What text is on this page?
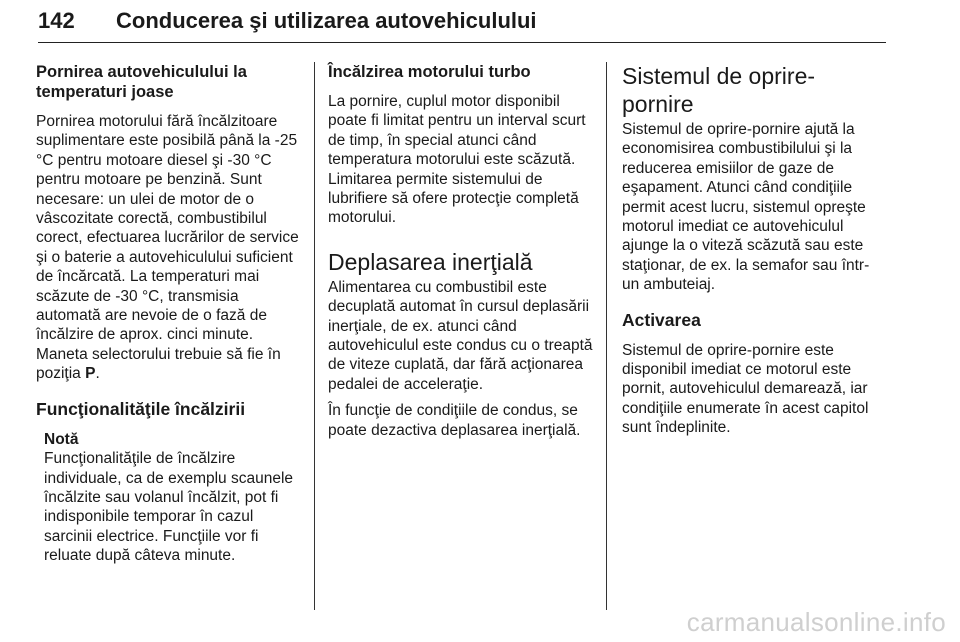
142 Conducerea şi utilizarea autovehiculului
Pornirea autovehiculului la temperaturi joase
Pornirea motorului fără încălzitoare suplimentare este posibilă până la -25 °C pentru motoare diesel şi -30 °C pentru motoare pe benzină. Sunt necesare: un ulei de motor de o vâscozitate corectă, combustibilul corect, efectuarea lucrărilor de service şi o baterie a autovehiculului suficient de încărcată. La temperaturi mai scăzute de -30 °C, transmisia automată are nevoie de o fază de încălzire de aprox. cinci minute. Maneta selectorului trebuie să fie în poziţia P.
Funcţionalităţile încălzirii
Notă
Funcţionalităţile de încălzire individuale, ca de exemplu scaunele încălzite sau volanul încălzit, pot fi indisponibile temporar în cazul sarcinii electrice. Funcţiile vor fi reluate după câteva minute.
Încălzirea motorului turbo
La pornire, cuplul motor disponibil poate fi limitat pentru un interval scurt de timp, în special atunci când temperatura motorului este scăzută. Limitarea permite sistemului de lubrifiere să ofere protecţie completă motorului.
Deplasarea inerţială
Alimentarea cu combustibil este decuplată automat în cursul deplasării inerţiale, de ex. atunci când autovehiculul este condus cu o treaptă de viteze cuplată, dar fără acţionarea pedalei de acceleraţie.
În funcţie de condiţiile de condus, se poate dezactiva deplasarea inerţială.
Sistemul de oprire-pornire
Sistemul de oprire-pornire ajută la economisirea combustibilului şi la reducerea emisiilor de gaze de eşapament. Atunci când condiţiile permit acest lucru, sistemul opreşte motorul imediat ce autovehiculul ajunge la o viteză scăzută sau este staţionar, de ex. la semafor sau într-un ambuteiaj.
Activarea
Sistemul de oprire-pornire este disponibil imediat ce motorul este pornit, autovehiculul demarează, iar condiţiile enumerate în acest capitol sunt îndeplinite.
carmanualsonline.info
